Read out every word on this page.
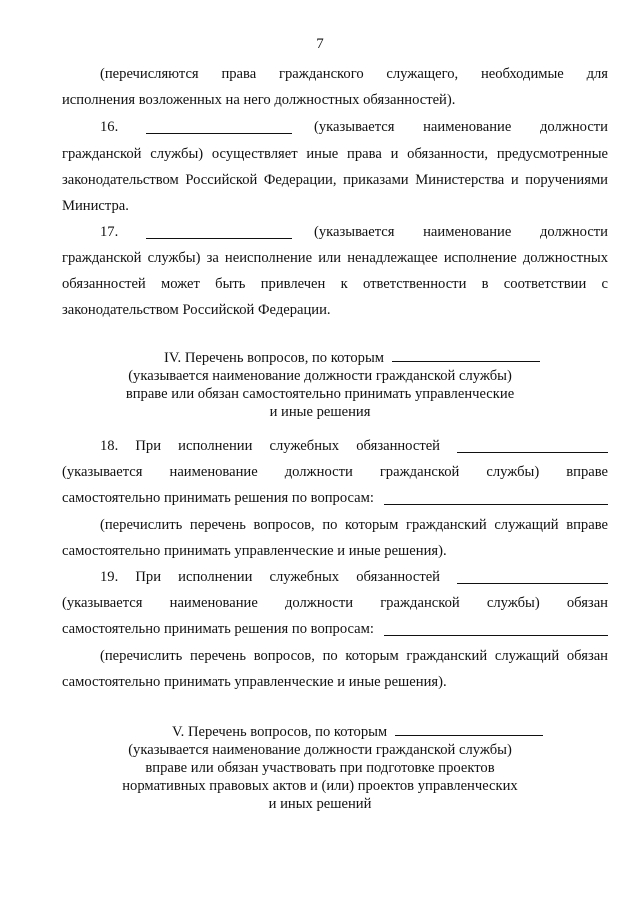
7
(перечисляются права гражданского служащего, необходимые для
исполнения возложенных на него должностных обязанностей).
16.	(указывается наименование должности
гражданской службы) осуществляет иные права и обязанности, предусмотренные
законодательством Российской Федерации, приказами Министерства и поручениями
Министра.
17.	(указывается наименование должности
гражданской службы) за неисполнение или ненадлежащее исполнение должностных
обязанностей может быть привлечен к ответственности в соответствии с
законодательством Российской Федерации.
IV. Перечень вопросов, по которым
(указывается наименование должности гражданской службы)
вправе или обязан самостоятельно принимать управленческие
и иные решения
18. При исполнении служебных обязанностей
(указывается наименование должности гражданской службы) вправе
самостоятельно принимать решения по вопросам:
(перечислить перечень вопросов, по которым гражданский служащий вправе
самостоятельно принимать управленческие и иные решения).
19. При исполнении служебных обязанностей
(указывается наименование должности гражданской службы) обязан
самостоятельно принимать решения по вопросам:
(перечислить перечень вопросов, по которым гражданский служащий обязан
самостоятельно принимать управленческие и иные решения).
V. Перечень вопросов, по которым
(указывается наименование должности гражданской службы)
вправе или обязан участвовать при подготовке проектов
нормативных правовых актов и (или) проектов управленческих
и иных решений
